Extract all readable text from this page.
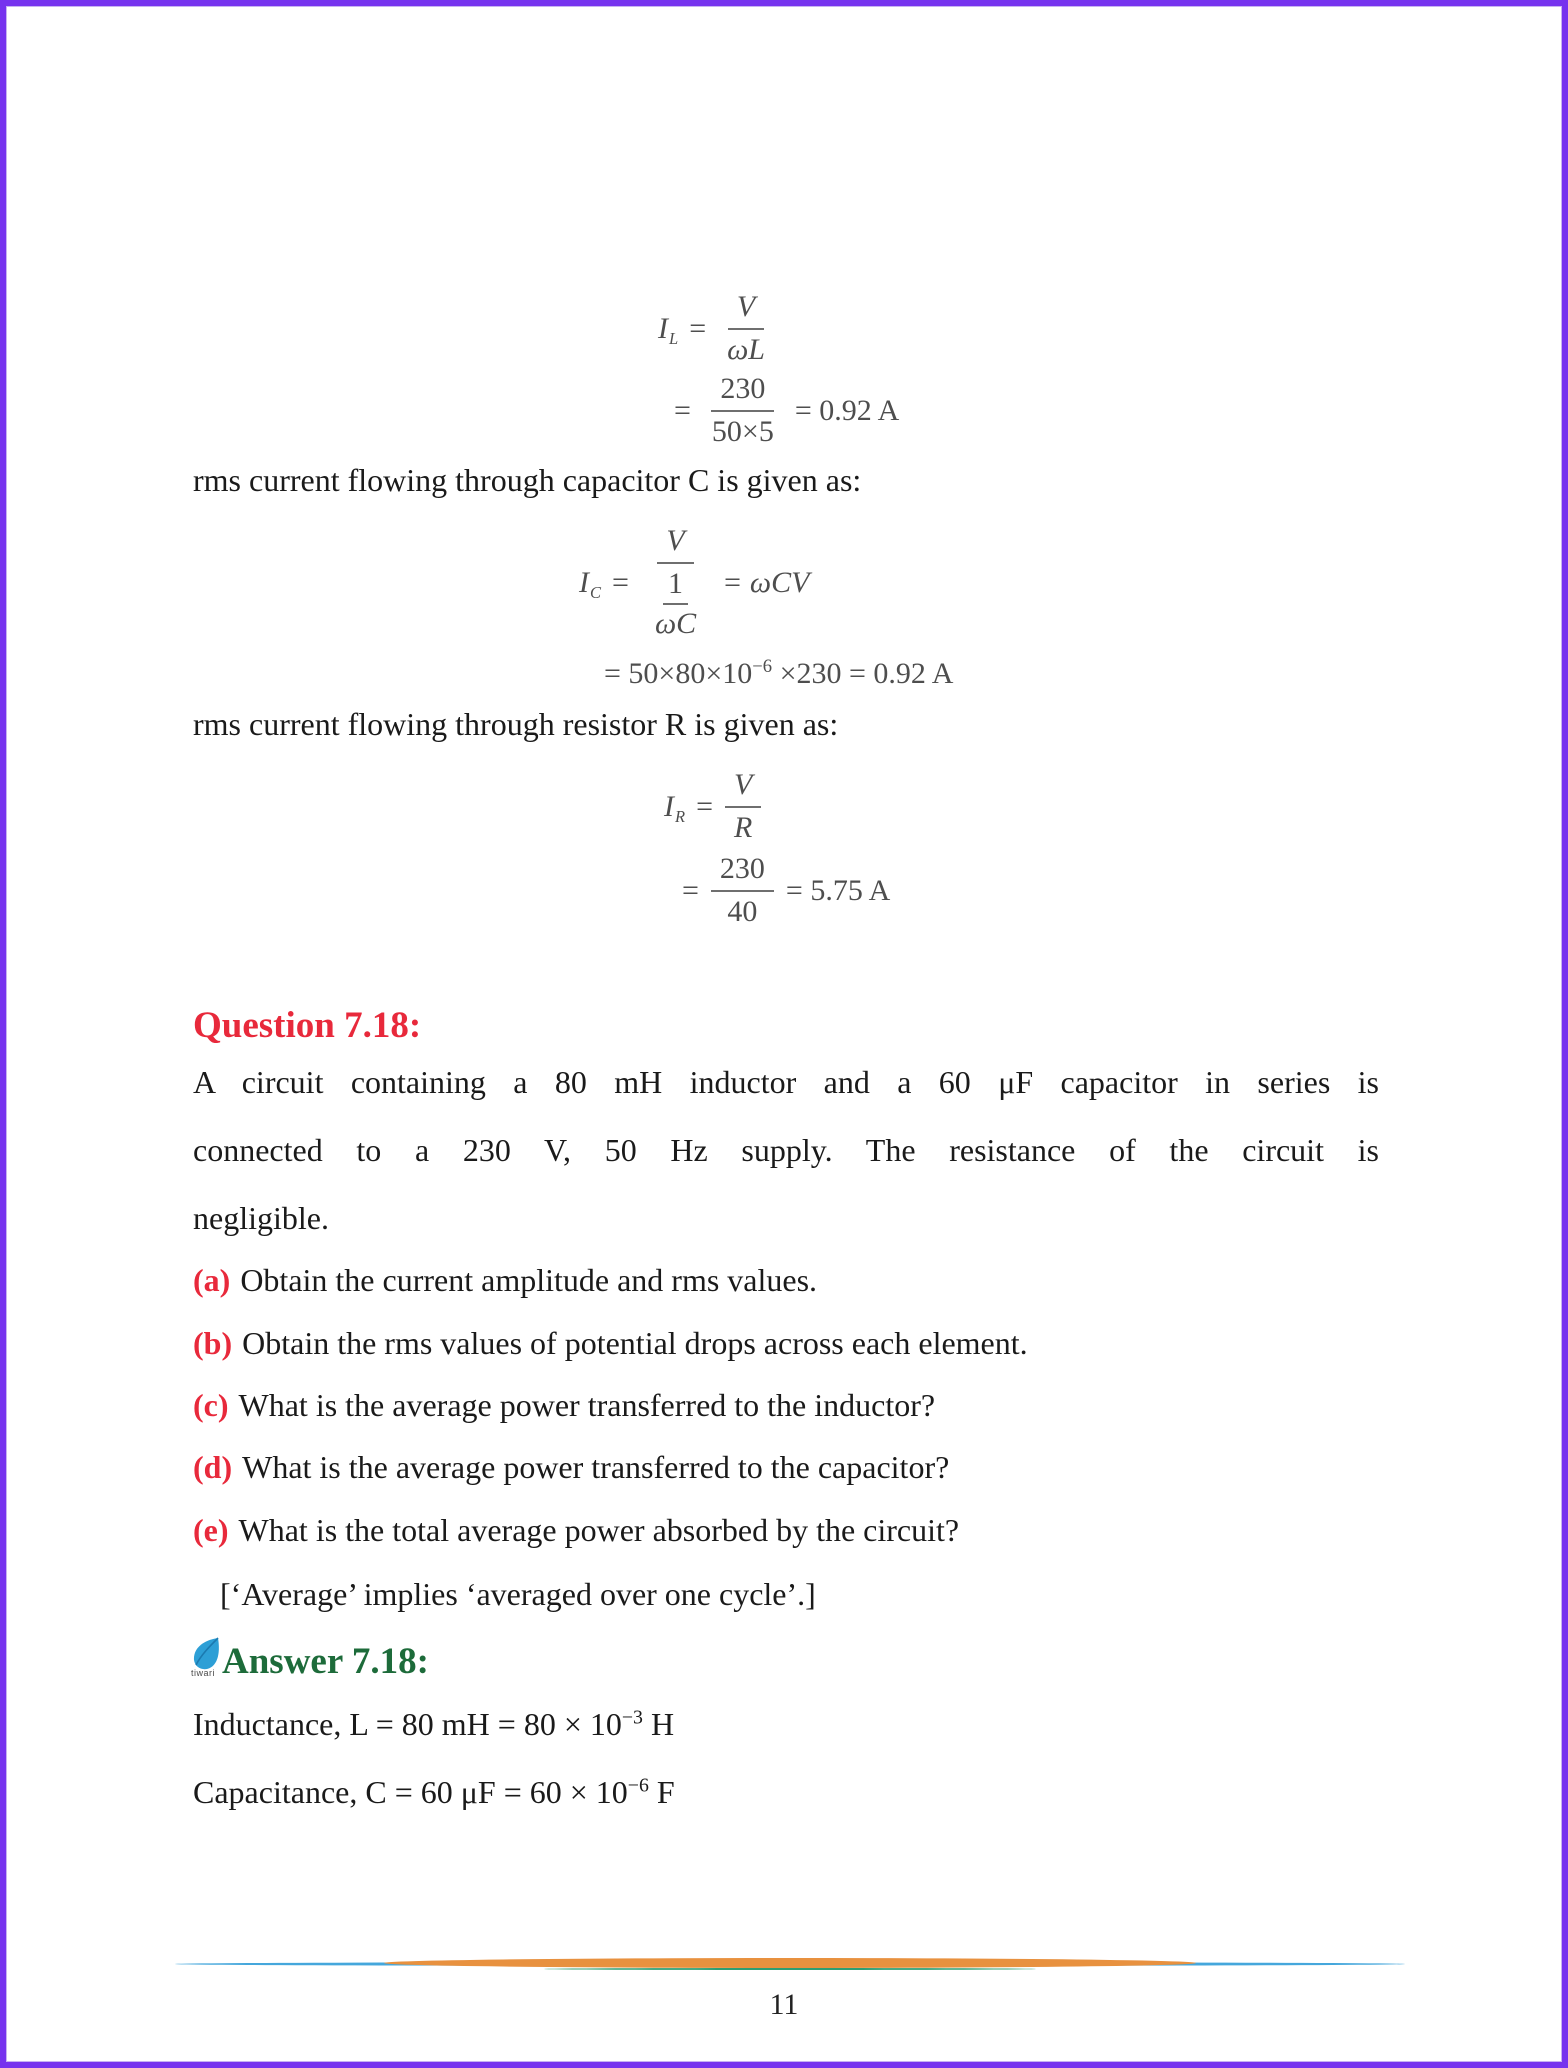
$I_L = \frac{V}{\omega L}$
= $\frac{230}{50\times 5} = 0.92$ A
rms current flowing through capacitor C is given as:
$I_C = \frac{V}{\frac{1}{\omega C}} = \omega CV$
= $50\times 80\times 10^{-6} \times 230 = 0.92$ A
rms current flowing through resistor R is given as:
$I_R = \frac{V}{R}$
= $\frac{230}{40} = 5.75$ A
Question 7.18:
A circuit containing a 80 mH inductor and a 60 μF capacitor in series is
connected to a 230 V, 50 Hz supply. The resistance of the circuit is
negligible.
(a) Obtain the current amplitude and rms values.
(b) Obtain the rms values of potential drops across each element.
(c) What is the average power transferred to the inductor?
(d) What is the average power transferred to the capacitor?
(e) What is the total average power absorbed by the circuit?
[‘Average’ implies ‘averaged over one cycle’.]
tiwari Answer 7.18:
Inductance, L = 80 mH = $80 \times 10^{-3}$ H
Capacitance, C = 60 $\mu F = 60 \times 10^{-6}$ F
11
